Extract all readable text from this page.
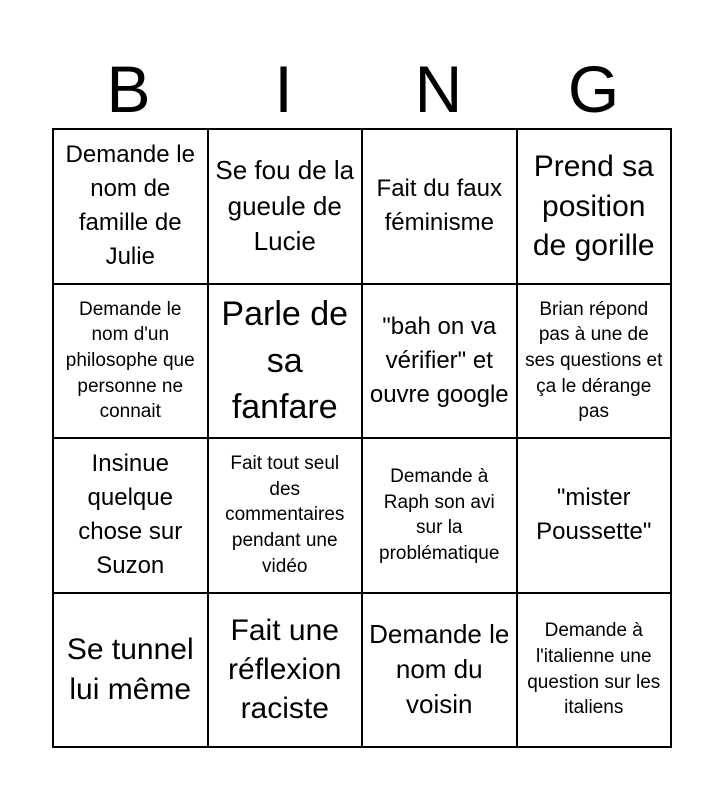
B	I	N	G
Demande le nom de famille de Julie
Se fou de la gueule de Lucie
Fait du faux féminisme
Prend sa position de gorille
Demande le nom d'un philosophe que personne ne connait
Parle de sa fanfare
"bah on va vérifier" et ouvre google
Brian répond pas à une de ses questions et ça le dérange pas
Insinue quelque chose sur Suzon
Fait tout seul des commentaires pendant une vidéo
Demande à Raph son avi sur la problématique
"mister Poussette"
Se tunnel lui même
Fait une réflexion raciste
Demande le nom du voisin
Demande à l'italienne une question sur les italiens
